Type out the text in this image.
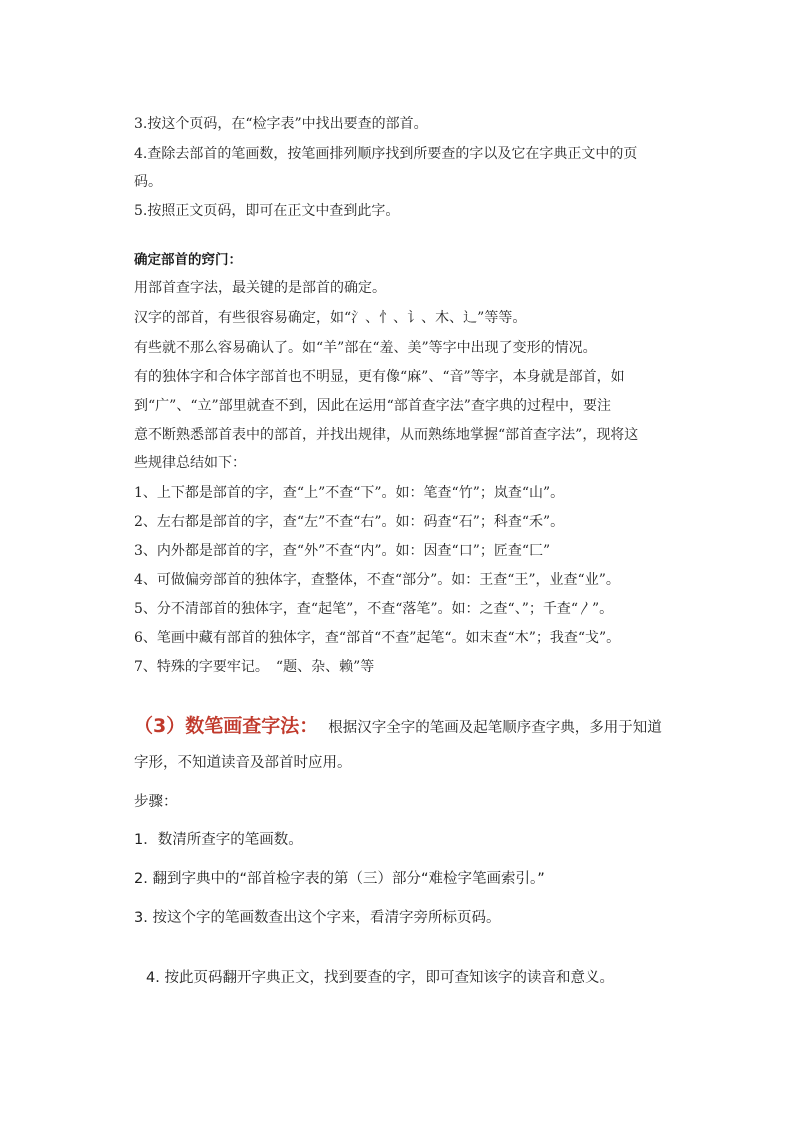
3.按这个页码，在“检字表”中找出要查的部首。
4.查除去部首的笔画数，按笔画排列顺序找到所要查的字以及它在字典正文中的页
码。
5.按照正文页码，即可在正文中查到此字。
确定部首的窍门：
用部首查字法，最关键的是部首的确定。
汉字的部首，有些很容易确定，如“氵、忄、讠、木、辶”等等。
有些就不那么容易确认了。如“羊”部在“羞、美”等字中出现了变形的情况。
有的独体字和合体字部首也不明显，更有像“麻”、“音”等字，本身就是部首，如
到“广”、“立”部里就查不到，因此在运用“部首查字法”查字典的过程中，要注
意不断熟悉部首表中的部首，并找出规律，从而熟练地掌握“部首查字法”，现将这
些规律总结如下：
1、上下都是部首的字，查“上”不查“下”。如：笔查“竹”；岚查“山”。
2、左右都是部首的字，查“左”不查“右”。如：码查“石”；科查“禾”。
3、内外都是部首的字，查“外”不查“内”。如：因查“口”；匠查“匚”
4、可做偏旁部首的独体字，查整体，不查“部分”。如：王查“王”，业查“业”。
5、分不清部首的独体字，查“起笔”，不查“落笔”。如：之查“、”；千查“〳”。
6、笔画中藏有部首的独体字，查“部首“不查”起笔“。如末查“木”；我查“戈”。
7、特殊的字要牢记。　“题、杂、赖”等
（3）数笔画查字法： 根据汉字全字的笔画及起笔顺序查字典，多用于知道
字形，不知道读音及部首时应用。
步骤：
1．数清所查字的笔画数。
2. 翻到字典中的“部首检字表的第（三）部分“难检字笔画索引。”
3. 按这个字的笔画数查出这个字来，看清字旁所标页码。
4. 按此页码翻开字典正文，找到要查的字，即可查知该字的读音和意义。
